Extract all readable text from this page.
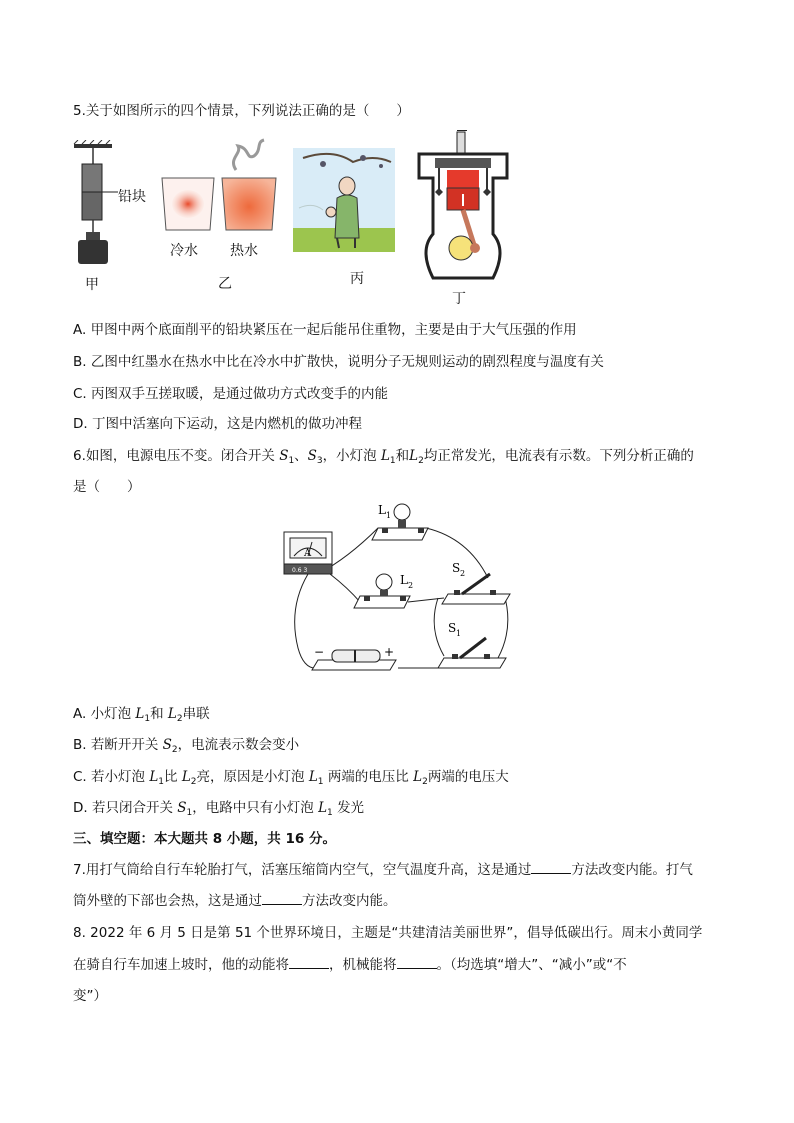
5.关于如图所示的四个情景，下列说法正确的是（　　）
铅块
甲
冷水 热水
乙	丙
丁
A. 甲图中两个底面削平的铅块紧压在一起后能吊住重物，主要是由于大气压强的作用
B. 乙图中红墨水在热水中比在冷水中扩散快，说明分子无规则运动的剧烈程度与温度有关
C. 丙图双手互搓取暖，是通过做功方式改变手的内能
D. 丁图中活塞向下运动，这是内燃机的做功冲程
6.如图，电源电压不变。闭合开关 $S_1$、$S_3$，小灯泡 $L_1$和$L_2$均正常发光，电流表有示数。下列分析正确的
是（　　）
A
0.6 3
L 1
L 2
S 2
S 1
−	+
A. 小灯泡 $L_1$和 $L_2$串联
B. 若断开开关 $S_2$，电流表示数会变小
C. 若小灯泡 $L_1$比 $L_2$亮，原因是小灯泡 $L_1$ 两端的电压比 $L_2$两端的电压大
D. 若只闭合开关 $S_1$，电路中只有小灯泡 $L_1$ 发光
三、填空题：本大题共 8 小题，共 16 分。
7.用打气筒给自行车轮胎打气，活塞压缩筒内空气，空气温度升高，这是通过	方法改变内能。打气
筒外壁的下部也会热，这是通过	方法改变内能。
8. 2022 年 6 月 5 日是第 51 个世界环境日，主题是“共建清洁美丽世界”，倡导低碳出行。周末小黄同学
在骑自行车加速上坡时，他的动能将	，机械能将	。（均选填“增大”、“减小”或“不
变”）
